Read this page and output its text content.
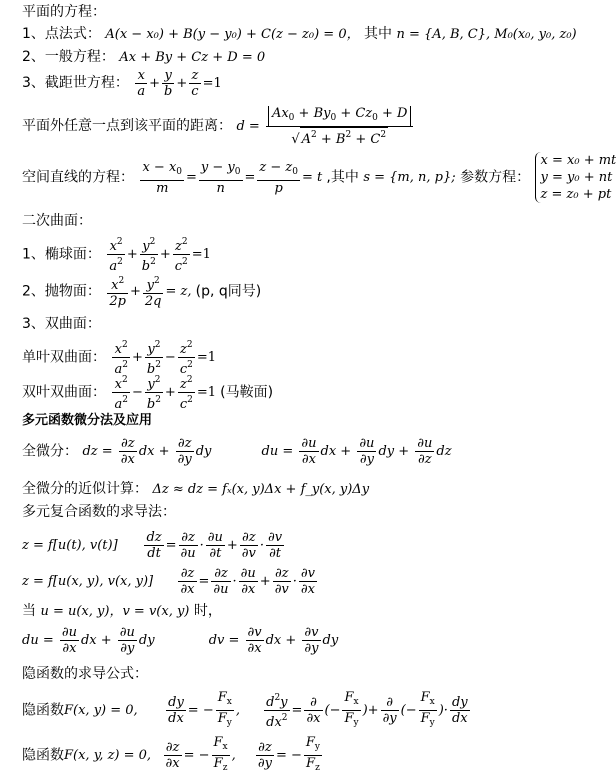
平面的方程：
1、点法式： A(x − x₀) + B(y − y₀) + C(z − z₀) = 0， 其中 n = {A, B, C}, M₀(x₀, y₀, z₀)
2、一般方程： Ax + By + Cz + D = 0
3、截距世方程： $\frac{x}{a} + \frac{y}{b} + \frac{z}{c} =1$
平面外任意一点到该平面的距离： $d = \frac{Ax_0 + By_0 + Cz_0 + D}{√ A^2 + B^2 + C^2}$
空间直线的方程： $\frac{x - x_0}{m} = \frac{y - y_0}{n} = \frac{z - z_0}{p} = t$ ,其中 s = {m, n, p}; 参数方程：
x = x₀ + mt
y = y₀ + nt
z = z₀ + pt
二次曲面：
1、椭球面： $\frac{x^2}{a^2} + \frac{y^2}{b^2} + \frac{z^2}{c^2} =1$
2、抛物面： $\frac{x^2}{2p} + \frac{y^2}{2q} = z$, (p, q同号)
3、双曲面：
单叶双曲面： $\frac{x^2}{a^2} + \frac{y^2}{b^2} - \frac{z^2}{c^2} =1$
双叶双曲面： $\frac{x^2}{a^2} - \frac{y^2}{b^2} + \frac{z^2}{c^2} =1$ (马鞍面)
多元函数微分法及应用
全微分： dz = $\frac{\partial z}{\partial x}$ dx + $\frac{\partial z}{\partial y}$ dy	du = $\frac{\partial u}{\partial x}$ dx + $\frac{\partial u}{\partial y}$ dy + $\frac{\partial u}{\partial z}$ dz
全微分的近似计算： Δz ≈ dz = fₓ(x, y)Δx + f_y(x, y)Δy
多元复合函数的求导法：
z = f[u(t), $v(t)] \frac{dz}{dt} = \frac{\partial z}{\partial u} \cdot \frac{\partial u}{\partial t} + \frac{\partial z}{\partial v} \cdot \frac{\partial v}{\partial t}$
z = f[u(x, y), v(x, $y)] \frac{\partial z}{\partial x} = \frac{\partial z}{\partial u} \cdot \frac{\partial u}{\partial x} + \frac{\partial z}{\partial v} \cdot \frac{\partial v}{\partial x}$
当 u = u(x, y)，v = v(x, y) 时，
du = $\frac{\partial u}{\partial x}$ dx + $\frac{\partial u}{\partial y}$ dy	dv = $\frac{\partial v}{\partial x}$ dx + $\frac{\partial v}{\partial y}$ dy
隐函数的求导公式：
隐函数F(x, y) = 0, $\frac{dy}{dx}$ = − $\frac{F_x}{F_y}$ , $\frac{d^2y}{dx^2}$ =
∂
∂x
(− $\frac{F_x}{F_y}$ )+
∂
∂y
(− $\frac{F_x}{F_y}$ )· $\frac{dy}{dx}$
隐函数F(x, y, z) = 0, $\frac{\partial z}{\partial x}$ = − $\frac{F_x}{F_z}$ , $\frac{\partial z}{\partial y}$ = − $\frac{F_y}{F_z}$
